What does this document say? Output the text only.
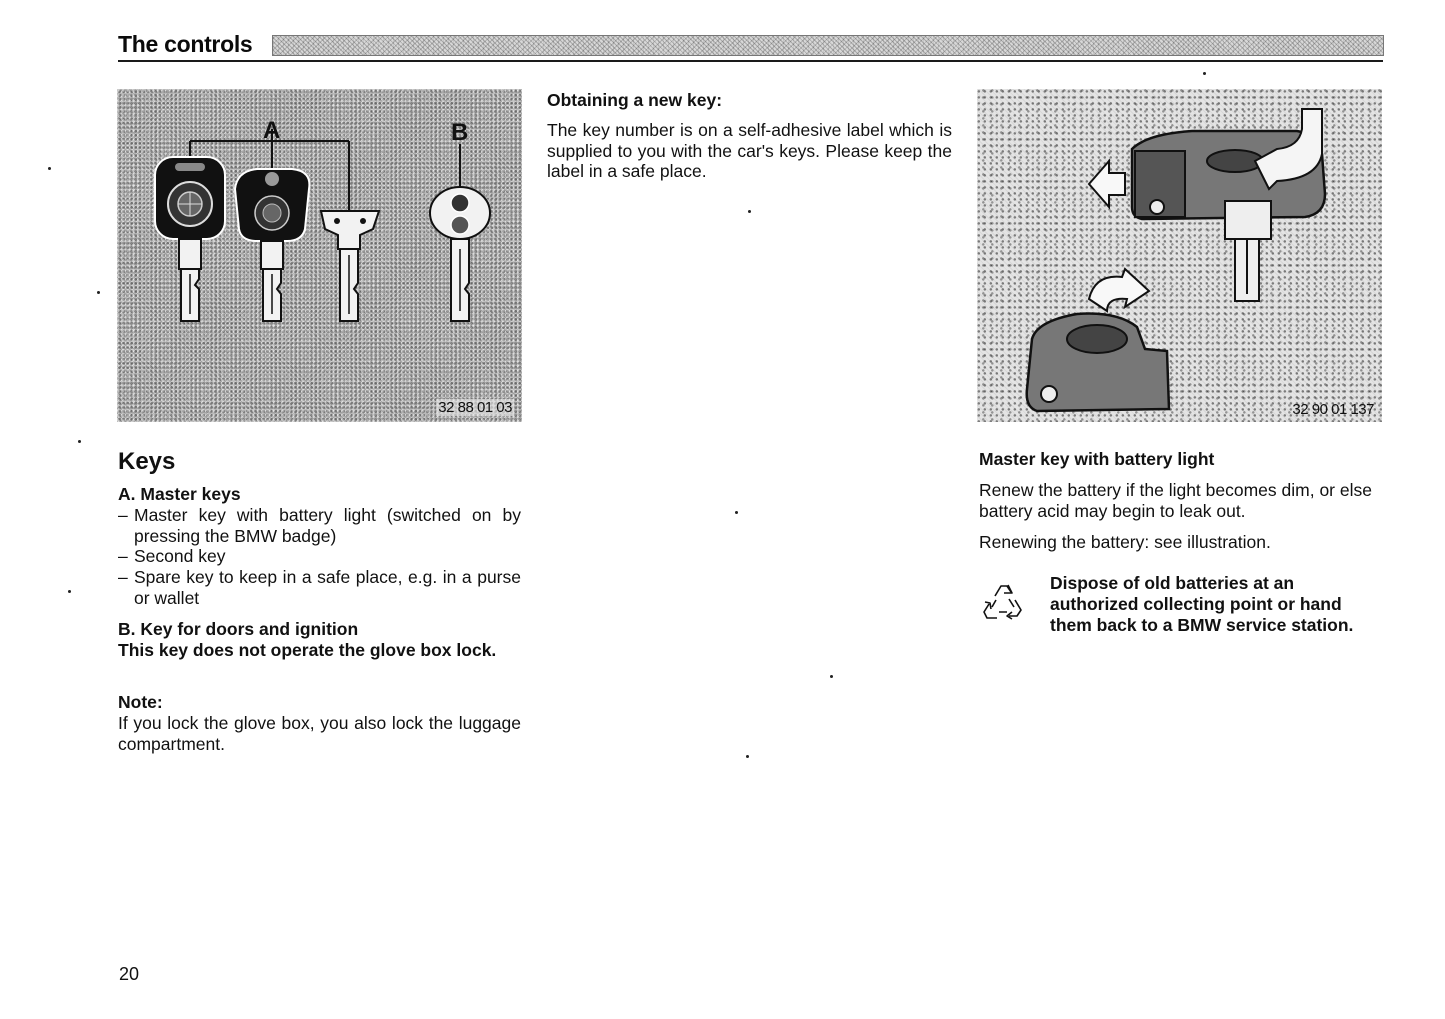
The controls
A	B
32 88 01 03
Obtaining a new key:
The key number is on a self-adhesive label which is supplied to you with the car's keys. Please keep the label in a safe place.
32 90 01 137
Keys
A. Master keys
– Master key with battery light (switched on by pressing the BMW badge)
– Second key
– Spare key to keep in a safe place, e.g. in a purse or wallet
B. Key for doors and ignition
This key does not operate the glove box lock.
Note:
If you lock the glove box, you also lock the luggage compartment.
Master key with battery light
Renew the battery if the light becomes dim, or else battery acid may begin to leak out.
Renewing the battery: see illustration.
Dispose of old batteries at an authorized collecting point or hand them back to a BMW service station.
20
